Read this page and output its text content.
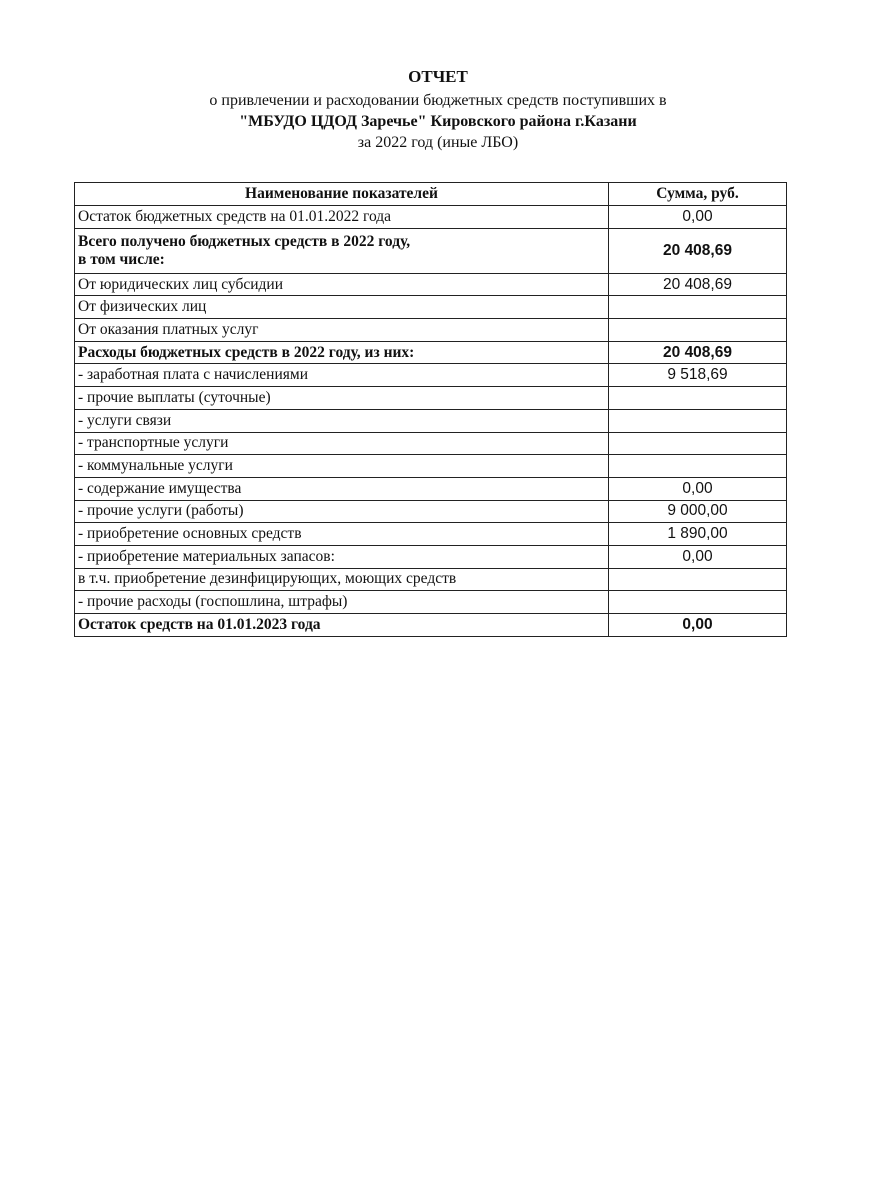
ОТЧЕТ
о привлечении и расходовании бюджетных средств поступивших в
"МБУДО ЦДОД Заречье" Кировского района г.Казани
за 2022 год (иные ЛБО)
Наименование показателей	Сумма, руб.
Остаток бюджетных средств на 01.01.2022 года	0,00
Всего получено бюджетных средств в 2022 году,
в том числе:	20 408,69
От юридических лиц субсидии	20 408,69
От физических лиц	
От оказания платных услуг	
Расходы бюджетных средств в 2022 году, из них:	20 408,69
- заработная плата с начислениями	9 518,69
- прочие выплаты (суточные)	
- услуги связи	
- транспортные услуги	
- коммунальные услуги	
- содержание имущества	0,00
- прочие услуги (работы)	9 000,00
- приобретение основных средств	1 890,00
- приобретение материальных запасов:	0,00
в т.ч. приобретение дезинфицирующих, моющих средств	
- прочие расходы (госпошлина, штрафы)	
Остаток средств на 01.01.2023 года	0,00
